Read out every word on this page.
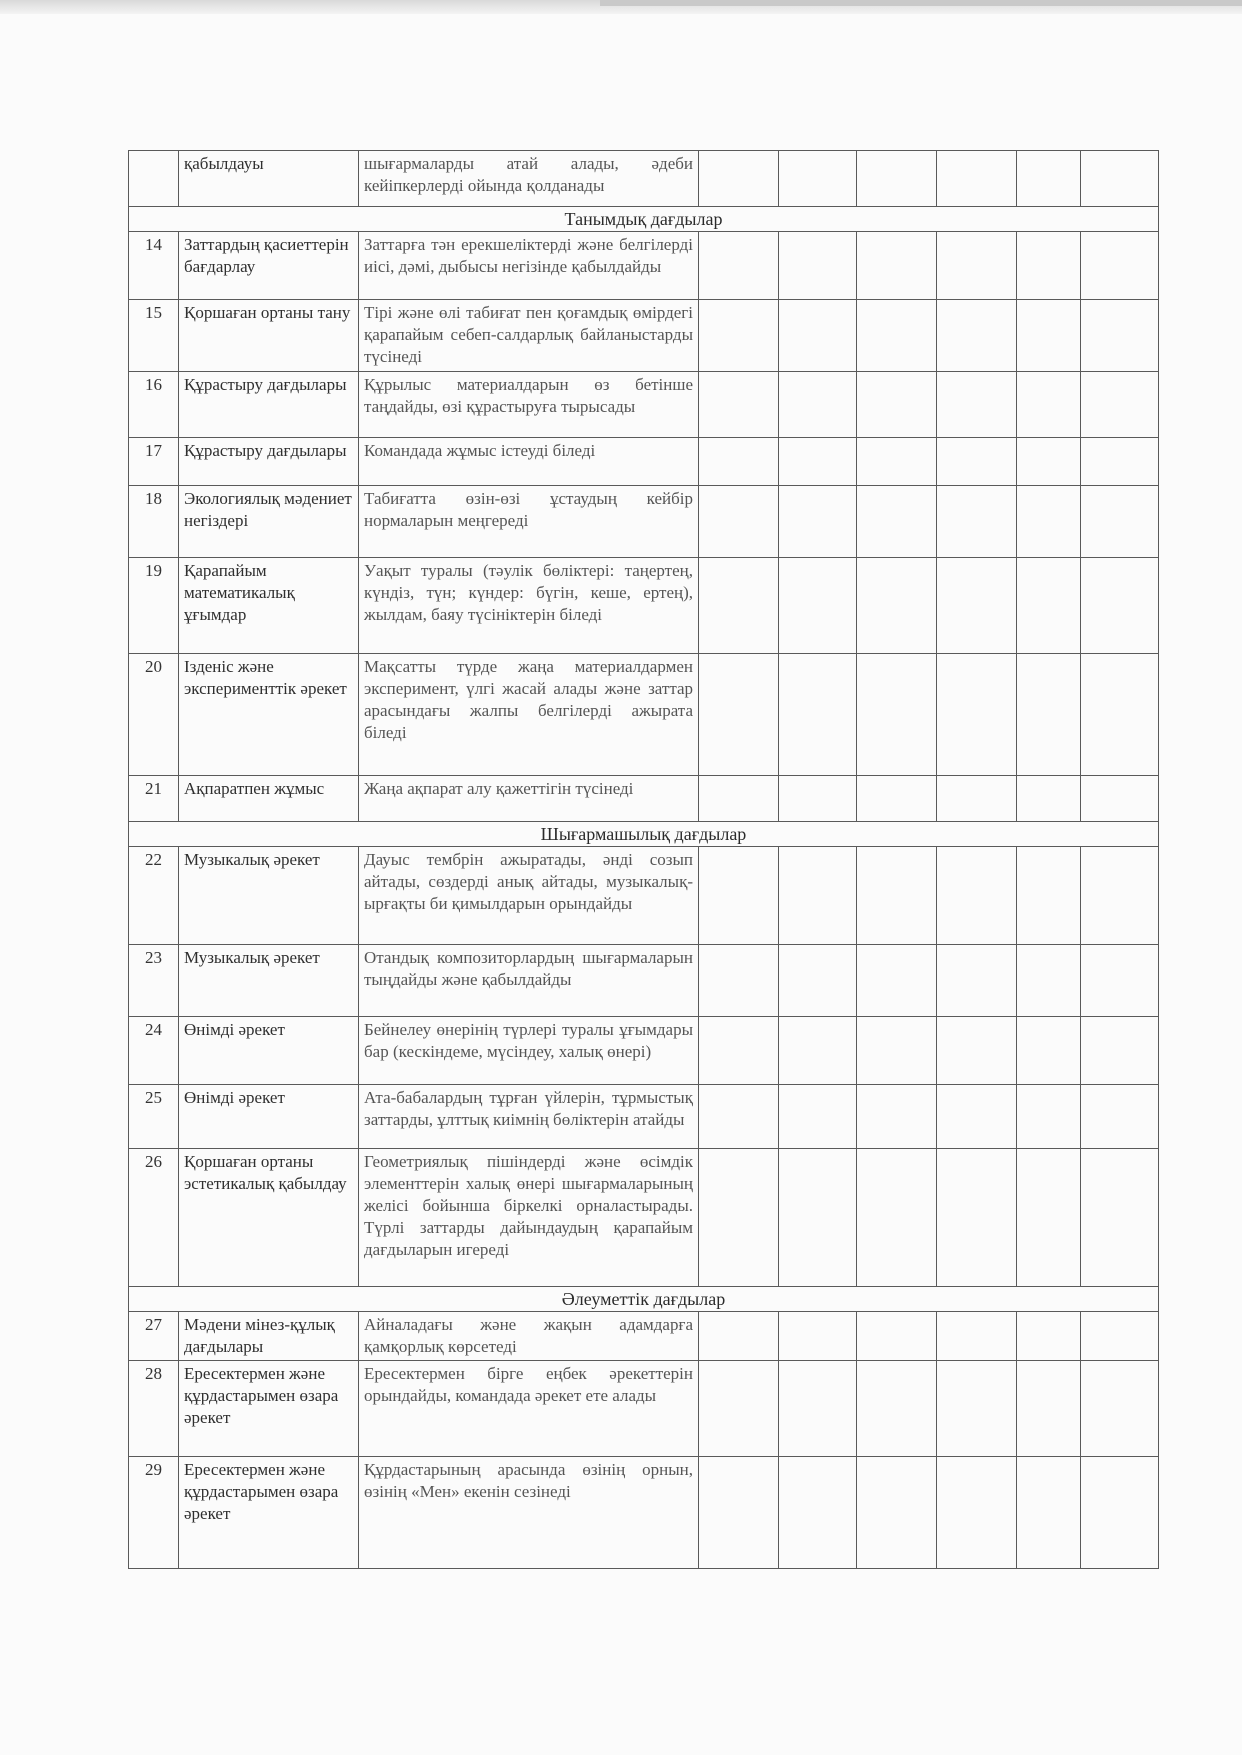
	қабылдауы	шығармаларды атай алады, әдеби кейіпкерлерді ойында қолданады						
Танымдық дағдылар								
14	Заттардың қасиеттерін бағдарлау	Заттарға тән ерекшеліктерді және белгілерді иісі, дәмі, дыбысы негізінде қабылдайды						
15	Қоршаған ортаны тану	Тірі және өлі табиғат пен қоғамдық өмірдегі қарапайым себеп-салдарлық байланыстарды түсінеді						
16	Құрастыру дағдылары	Құрылыс материалдарын өз бетінше таңдайды, өзі құрастыруға тырысады						
17	Құрастыру дағдылары	Командада жұмыс істеуді біледі						
18	Экологиялық мәдениет негіздері	Табиғатта өзін-өзі ұстаудың кейбір нормаларын меңгереді						
19	Қарапайым математикалық ұғымдар	Уақыт туралы (тәулік бөліктері: таңертең, күндіз, түн; күндер: бүгін, кеше, ертең), жылдам, баяу түсініктерін біледі						
20	Ізденіс және эксперименттік әрекет	Мақсатты түрде жаңа материалдармен эксперимент, үлгі жасай алады және заттар арасындағы жалпы белгілерді ажырата біледі						
21	Ақпаратпен жұмыс	Жаңа ақпарат алу қажеттігін түсінеді						
Шығармашылық дағдылар								
22	Музыкалық әрекет	Дауыс тембрін ажыратады, әнді созып айтады, сөздерді анық айтады, музыкалық-ырғақты би қимылдарын орындайды						
23	Музыкалық әрекет	Отандық композиторлардың шығармаларын тыңдайды және қабылдайды						
24	Өнімді әрекет	Бейнелеу өнерінің түрлері туралы ұғымдары бар (кескіндеме, мүсіндеу, халық өнері)						
25	Өнімді әрекет	Ата-бабалардың тұрған үйлерін, тұрмыстық заттарды, ұлттық киімнің бөліктерін атайды						
26	Қоршаған ортаны эстетикалық қабылдау	Геометриялық пішіндерді және өсімдік элементтерін халық өнері шығармаларының желісі бойынша біркелкі орналастырады. Түрлі заттарды дайындаудың қарапайым дағдыларын игереді						
Әлеуметтік дағдылар								
27	Мәдени мінез-құлық дағдылары	Айналадағы және жақын адамдарға қамқорлық көрсетеді						
28	Ересектермен және құрдастарымен өзара әрекет	Ересектермен бірге еңбек әрекеттерін орындайды, командада әрекет ете алады						
29	Ересектермен және құрдастарымен өзара әрекет	Құрдастарының арасында өзінің орнын, өзінің «Мен» екенін сезінеді						
